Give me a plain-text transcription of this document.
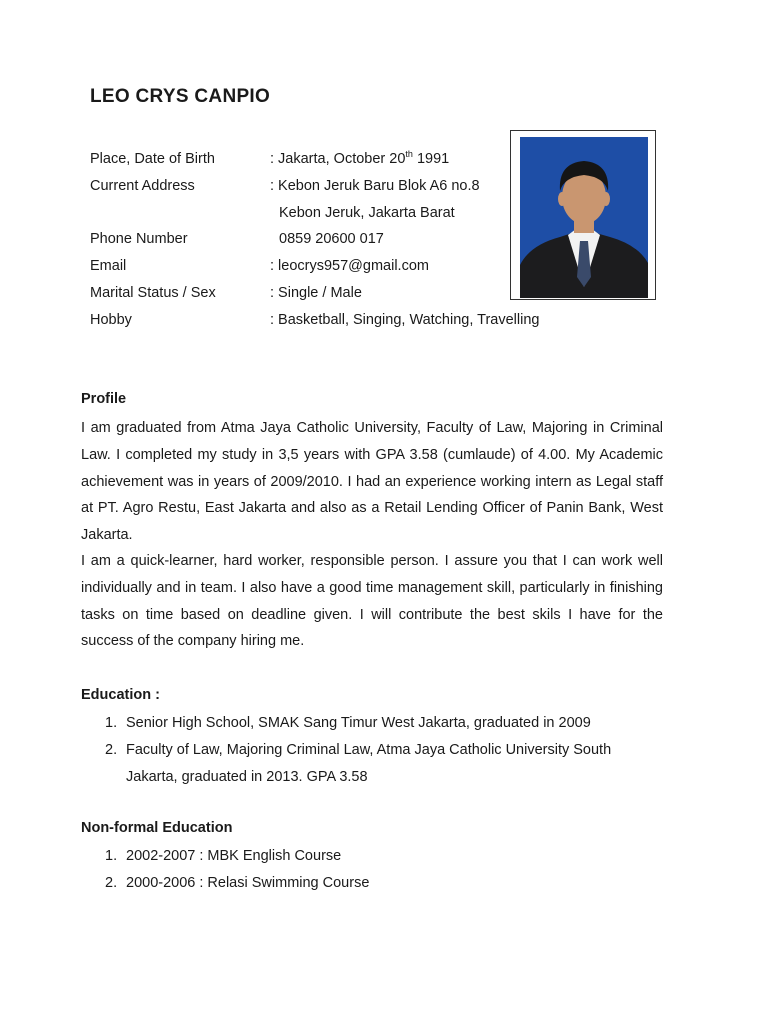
LEO CRYS CANPIO
Place, Date of Birth	: Jakarta, October 20th 1991
Current Address	: Kebon Jeruk Baru Blok A6 no.8
Kebon Jeruk, Jakarta Barat
Phone Number	0859 20600 017
Email	: leocrys957@gmail.com
Marital Status / Sex	: Single / Male
Hobby	: Basketball, Singing, Watching, Travelling
Profile

I am graduated from Atma Jaya Catholic University, Faculty of Law, Majoring in Criminal Law. I completed my study in 3,5 years with GPA 3.58 (cumlaude) of 4.00. My Academic achievement was in years of 2009/2010. I had an experience working intern as Legal staff at PT. Agro Restu, East Jakarta and also as a Retail Lending Officer of Panin Bank, West Jakarta.

I am a quick-learner, hard worker, responsible person. I assure you that I can work well individually and in team. I also have a good time management skill, particularly in finishing tasks on time based on deadline given. I will contribute the best skils I have for the success of the company hiring me.

Education :
1. Senior High School, SMAK Sang Timur West Jakarta, graduated in 2009
2. Faculty of Law, Majoring Criminal Law, Atma Jaya Catholic University South Jakarta, graduated in 2013. GPA 3.58
Non-formal Education
1. 2002-2007 : MBK English Course
2. 2000-2006 : Relasi Swimming Course
